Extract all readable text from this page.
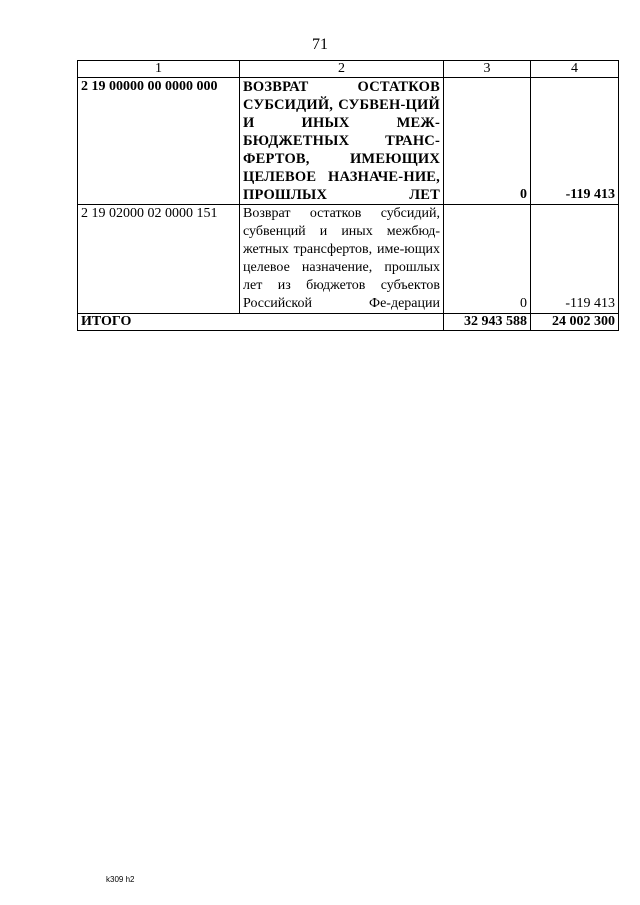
71
1	2	3	4
2 19 00000 00 0000 000	ВОЗВРАТ ОСТАТКОВ СУБСИДИЙ, СУБВЕН-ЦИЙ И ИНЫХ МЕЖ-БЮДЖЕТНЫХ ТРАНС-ФЕРТОВ, ИМЕЮЩИХ ЦЕЛЕВОЕ НАЗНАЧЕ-НИЕ, ПРОШЛЫХ ЛЕТ	0	-119 413
2 19 02000 02 0000 151	Возврат остатков субсидий, субвенций и иных межбюд-жетных трансфертов, име-ющих целевое назначение, прошлых лет из бюджетов субъектов Российской Фе-дерации	0	-119 413
ИТОГО		32 943 588	24 002 300
k309 h2
